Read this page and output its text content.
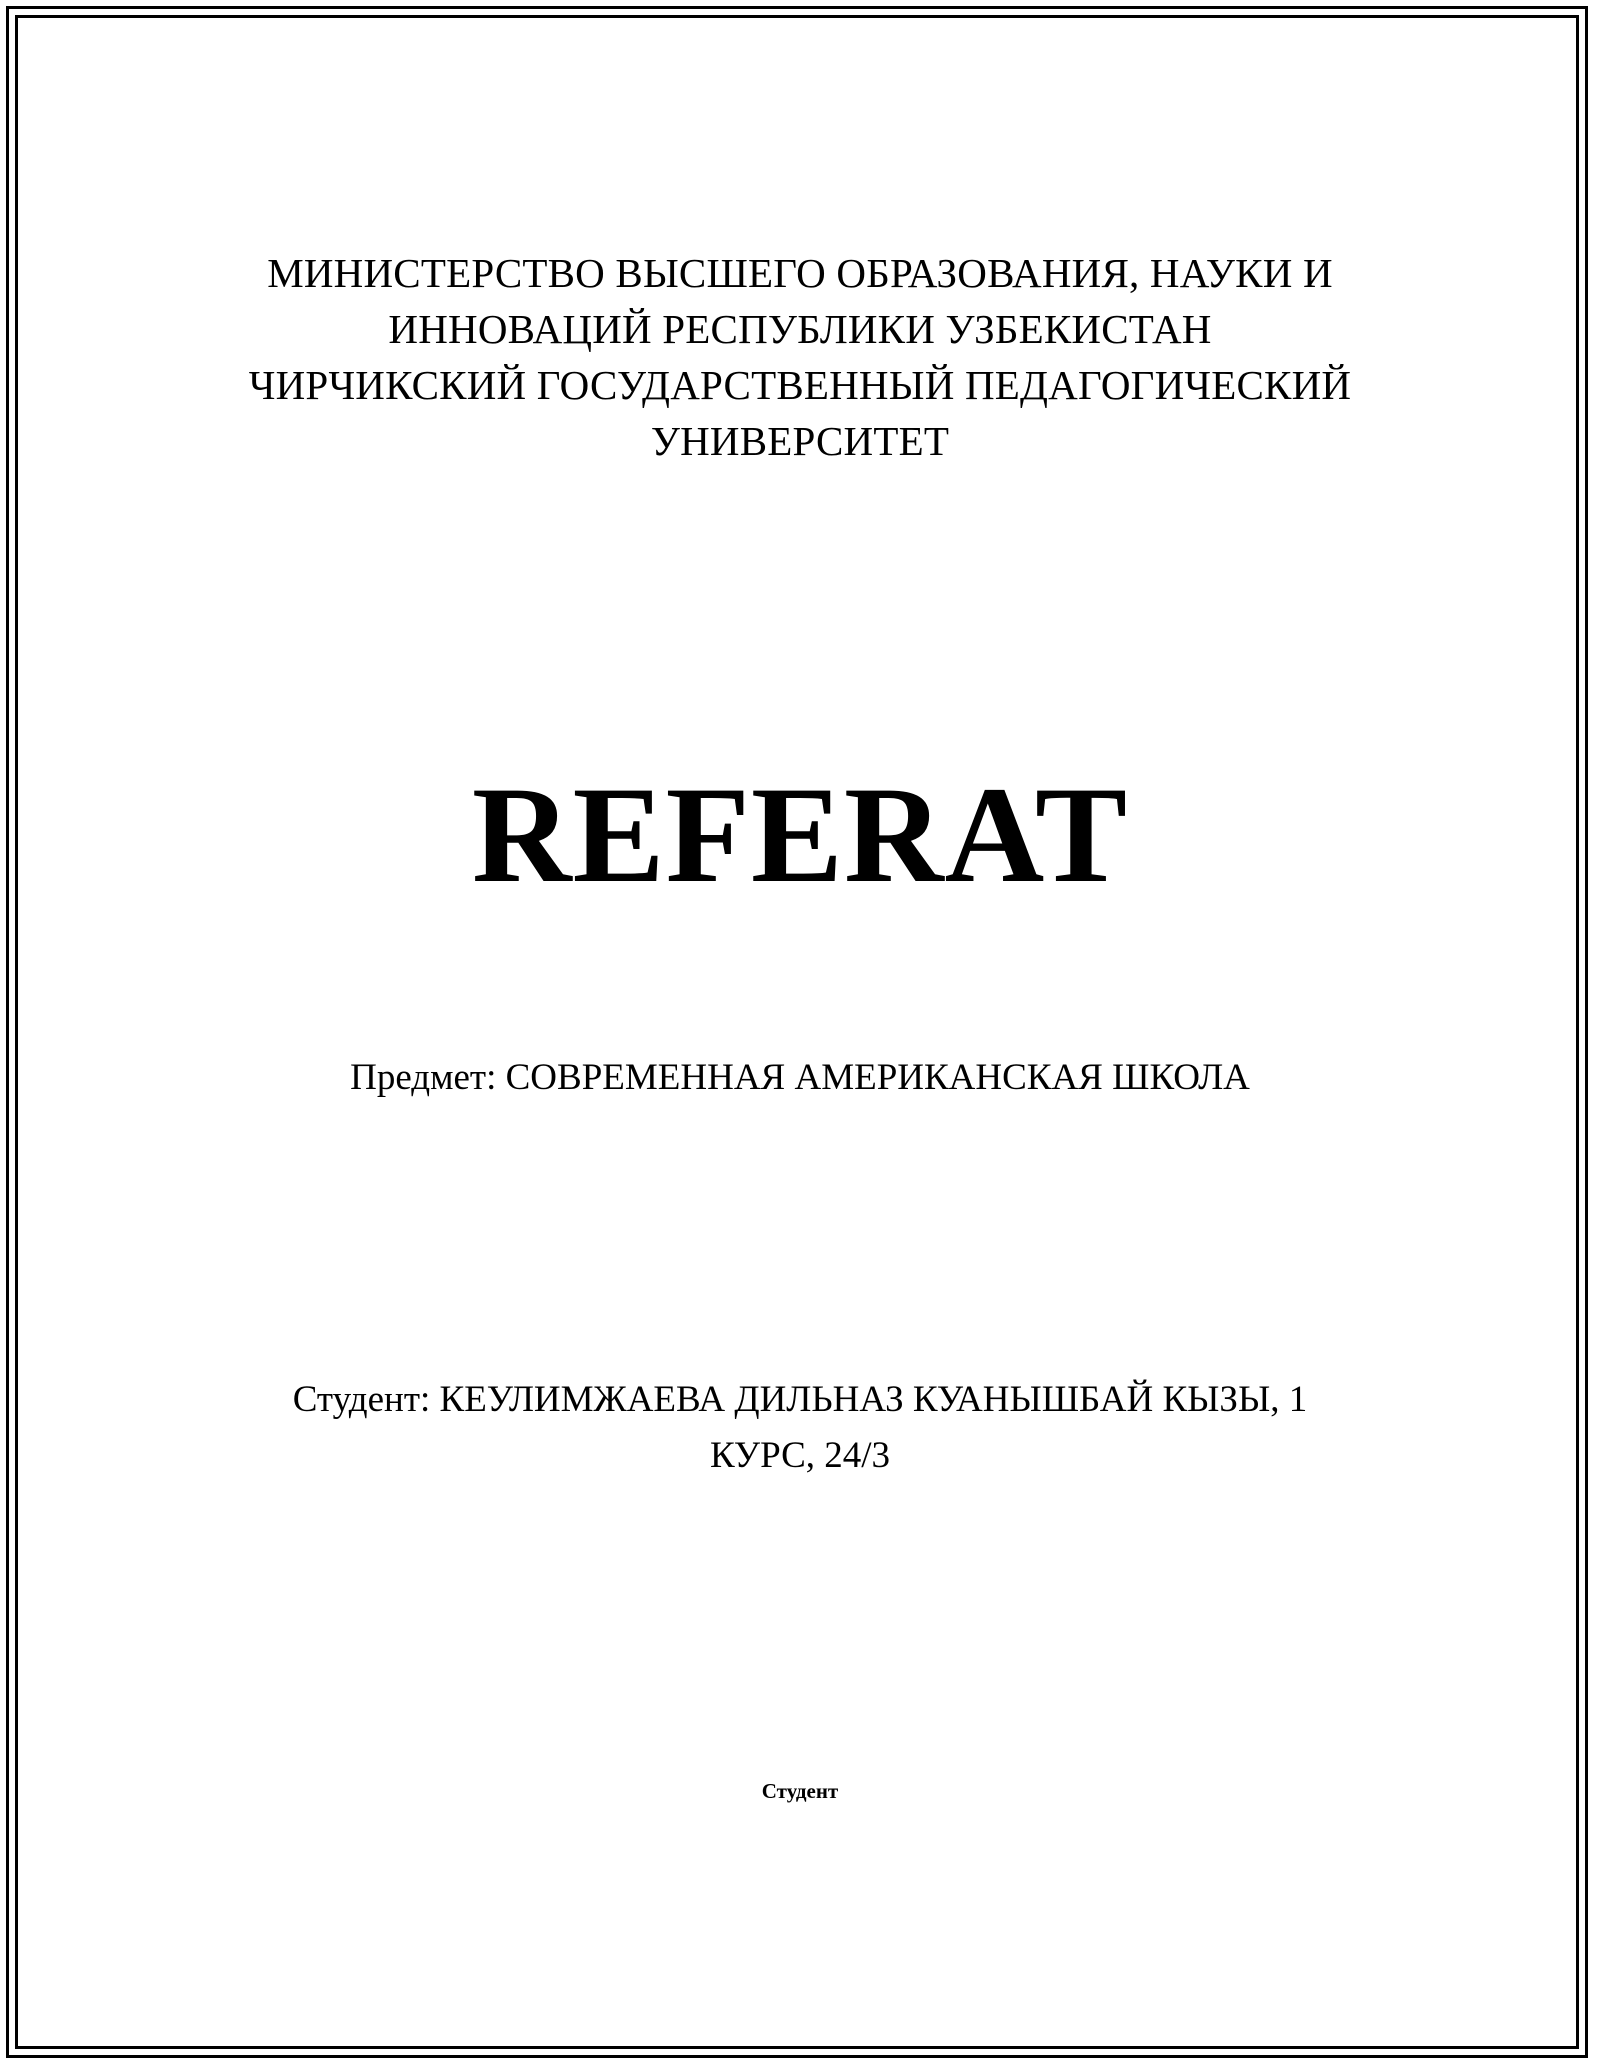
МИНИСТЕРСТВО ВЫСШЕГО ОБРАЗОВАНИЯ, НАУКИ И
ИННОВАЦИЙ РЕСПУБЛИКИ УЗБЕКИСТАН
ЧИРЧИКСКИЙ ГОСУДАРСТВЕННЫЙ ПЕДАГОГИЧЕСКИЙ
УНИВЕРСИТЕТ
REFERAT
Предмет: СОВРЕМЕННАЯ АМЕРИКАНСКАЯ ШКОЛА
Студент: КЕУЛИМЖАЕВА ДИЛЬНАЗ КУАНЫШБАЙ КЫЗЫ, 1
КУРС, 24/3
Студент
